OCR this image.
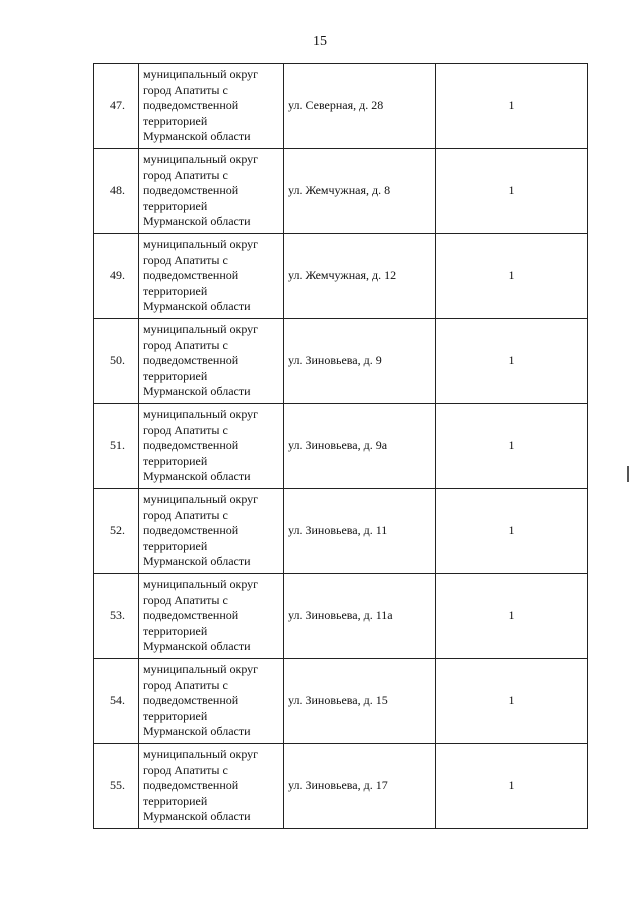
15
47.	муниципальный округ
город Апатиты с
подведомственной
территорией
Мурманской области	ул. Северная, д. 28	1
48.	муниципальный округ
город Апатиты с
подведомственной
территорией
Мурманской области	ул. Жемчужная, д. 8	1
49.	муниципальный округ
город Апатиты с
подведомственной
территорией
Мурманской области	ул. Жемчужная, д. 12	1
50.	муниципальный округ
город Апатиты с
подведомственной
территорией
Мурманской области	ул. Зиновьева, д. 9	1
51.	муниципальный округ
город Апатиты с
подведомственной
территорией
Мурманской области	ул. Зиновьева, д. 9а	1
52.	муниципальный округ
город Апатиты с
подведомственной
территорией
Мурманской области	ул. Зиновьева, д. 11	1
53.	муниципальный округ
город Апатиты с
подведомственной
территорией
Мурманской области	ул. Зиновьева, д. 11а	1
54.	муниципальный округ
город Апатиты с
подведомственной
территорией
Мурманской области	ул. Зиновьева, д. 15	1
55.	муниципальный округ
город Апатиты с
подведомственной
территорией
Мурманской области	ул. Зиновьева, д. 17	1
